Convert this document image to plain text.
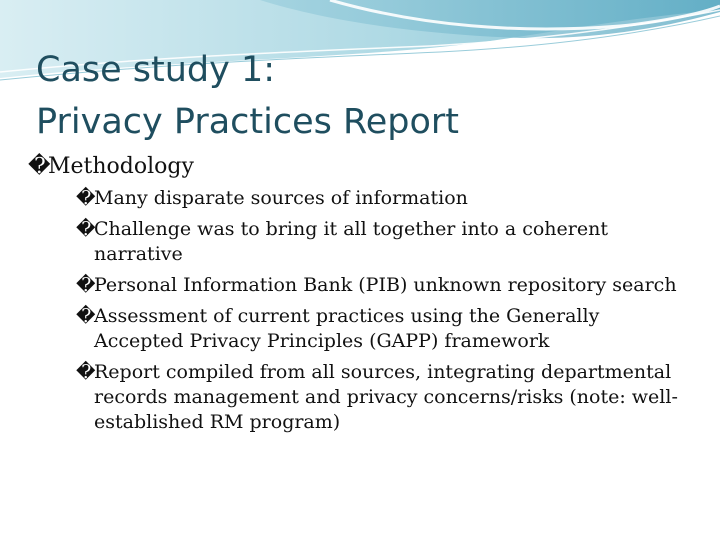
Case study 1:
Privacy Practices Report
�
Methodology
�
Many disparate sources of information
�
Challenge was to bring it all together into a coherent narrative
�
Personal Information Bank (PIB) unknown repository search
�
Assessment of current practices using the Generally Accepted Privacy Principles (GAPP) framework
�
Report compiled from all sources, integrating departmental records management and privacy concerns/risks (note: well-established RM program)
